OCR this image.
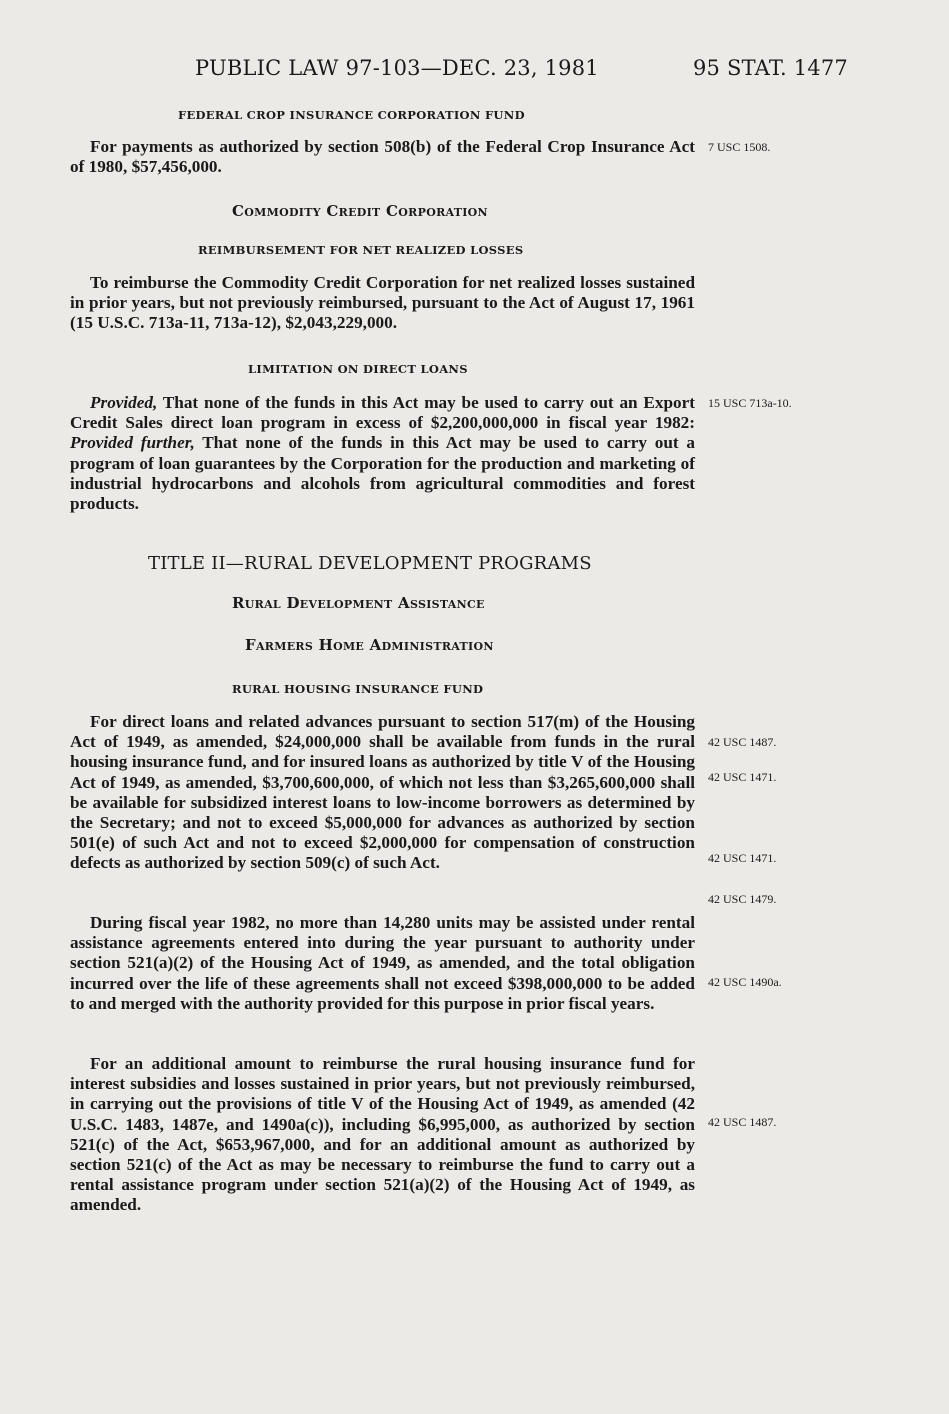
PUBLIC LAW 97-103—DEC. 23, 1981	95 STAT. 1477
FEDERAL CROP INSURANCE CORPORATION FUND
For payments as authorized by section 508(b) of the Federal Crop Insurance Act of 1980, $57,456,000.
7 USC 1508.
Commodity Credit Corporation
REIMBURSEMENT FOR NET REALIZED LOSSES
To reimburse the Commodity Credit Corporation for net realized losses sustained in prior years, but not previously reimbursed, pursuant to the Act of August 17, 1961 (15 U.S.C. 713a-11, 713a-12), $2,043,229,000.
LIMITATION ON DIRECT LOANS
Provided, That none of the funds in this Act may be used to carry out an Export Credit Sales direct loan program in excess of $2,200,000,000 in fiscal year 1982: Provided further, That none of the funds in this Act may be used to carry out a program of loan guarantees by the Corporation for the production and marketing of industrial hydrocarbons and alcohols from agricultural commodities and forest products.
15 USC 713a-10.
TITLE II—RURAL DEVELOPMENT PROGRAMS
Rural Development Assistance
Farmers Home Administration
RURAL HOUSING INSURANCE FUND
For direct loans and related advances pursuant to section 517(m) of the Housing Act of 1949, as amended, $24,000,000 shall be available from funds in the rural housing insurance fund, and for insured loans as authorized by title V of the Housing Act of 1949, as amended, $3,700,600,000, of which not less than $3,265,600,000 shall be available for subsidized interest loans to low-income borrowers as determined by the Secretary; and not to exceed $5,000,000 for advances as authorized by section 501(e) of such Act and not to exceed $2,000,000 for compensation of construction defects as authorized by section 509(c) of such Act.
42 USC 1487.
42 USC 1471.
42 USC 1471.
42 USC 1479.
During fiscal year 1982, no more than 14,280 units may be assisted under rental assistance agreements entered into during the year pursuant to authority under section 521(a)(2) of the Housing Act of 1949, as amended, and the total obligation incurred over the life of these agreements shall not exceed $398,000,000 to be added to and merged with the authority provided for this purpose in prior fiscal years.
42 USC 1490a.
For an additional amount to reimburse the rural housing insurance fund for interest subsidies and losses sustained in prior years, but not previously reimbursed, in carrying out the provisions of title V of the Housing Act of 1949, as amended (42 U.S.C. 1483, 1487e, and 1490a(c)), including $6,995,000, as authorized by section 521(c) of the Act, $653,967,000, and for an additional amount as authorized by section 521(c) of the Act as may be necessary to reimburse the fund to carry out a rental assistance program under section 521(a)(2) of the Housing Act of 1949, as amended.
42 USC 1487.
